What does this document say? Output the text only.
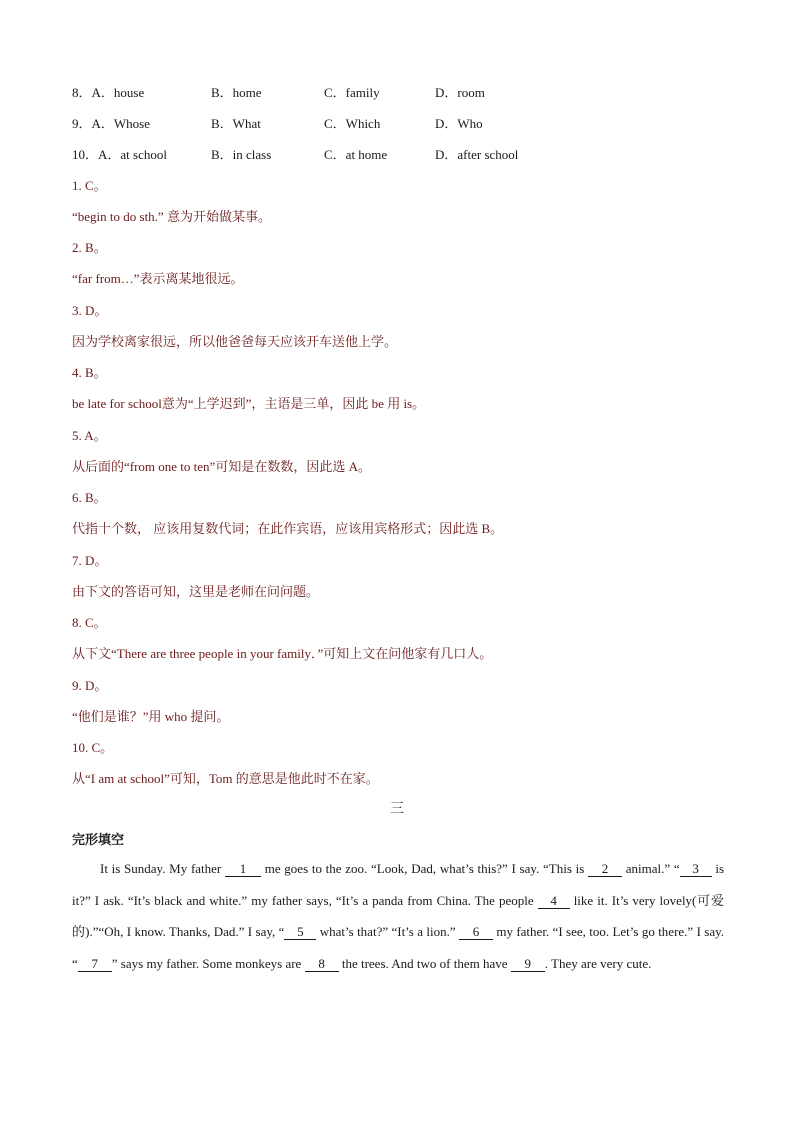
8．A．house	B．home	C．family	D．room
9．A．Whose	B．What	C．Which	D．Who
10．A．at school	B．in class	C．at home	D．after school
1. C。
“begin to do sth.” 意为开始做某事。
2. B。
“far from…”表示离某地很远。
3. D。
因为学校离家很远，所以他爸爸每天应该开车送他上学。
4. B。
be late for school意为“上学迟到”，主语是三单，因此 be 用 is。
5. A。
从后面的“from one to ten”可知是在数数，因此选 A。
6. B。
代指十个数， 应该用复数代词；在此作宾语，应该用宾格形式；因此选 B。
7. D。
由下文的答语可知，这里是老师在问问题。
8. C。
从下文“There are three people in your family．”可知上文在问他家有几口人。
9. D。
“他们是谁？”用 who 提问。
10. C。
从“I am at school”可知，Tom 的意思是他此时不在家。
三
完形填空
It is Sunday. My father 1 me goes to the zoo. “Look, Dad, what’s this?” I say. “This is 2 animal.” “ 3 is it?” I ask. “It’s black and white.” my father says, “It’s a panda from China. The people 4 like it. It’s very lovely(可爱的).”“Oh, I know. Thanks, Dad.” I say, “ 5 what’s that?” “It’s a lion.” 6 my father. “I see, too. Let’s go there.” I say. “ 7 ” says my father. Some monkeys are 8 the trees. And two of them have 9 . They are very cute.
